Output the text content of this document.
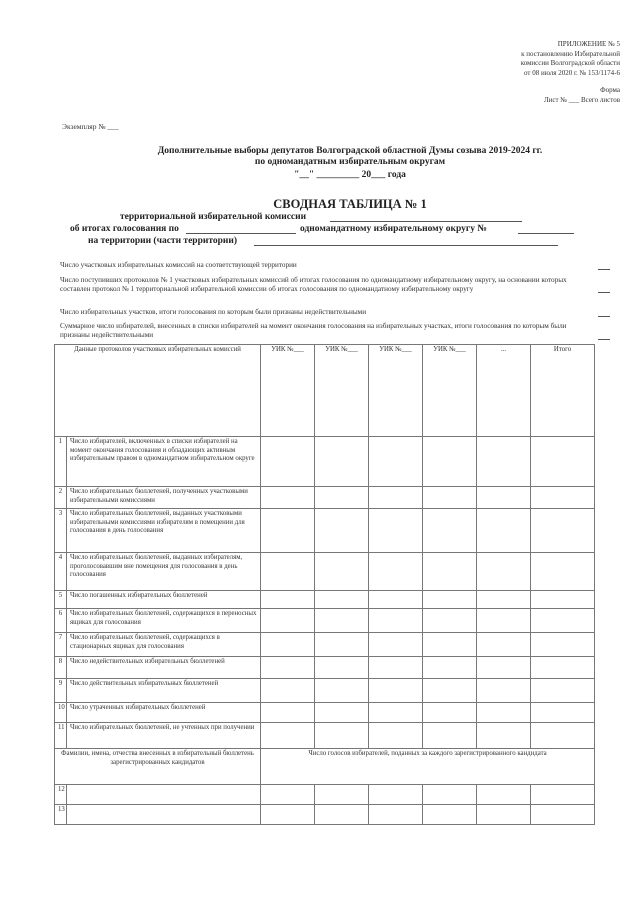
ПРИЛОЖЕНИЕ № 5
к постановлению Избирательной
комиссии Волгоградской области
от 08 июля 2020 г. № 153/1174-6
Форма
Лист № ___ Всего листов
Экземпляр № ___
Дополнительные выборы депутатов Волгоградской областной Думы созыва 2019-2024 гг.
по одномандатным избирательным округам
"__" _________ 20___ года
СВОДНАЯ ТАБЛИЦА № 1
территориальной избирательной комиссии
об итогах голосования по	одномандатному избирательному округу №
на территории (части территории)
Число участковых избирательных комиссий на соответствующей территории
Число поступивших протоколов № 1 участковых избирательных комиссий об итогах голосования по одномандатному избирательному округу, на основании которых составлен протокол № 1 территориальной избирательной комиссии об итогах голосования по одномандатному избирательному округу
Число избирательных участков, итоги голосования по которым были признаны недействительными
Суммарное число избирателей, внесенных в списки избирателей на момент окончания голосования на избирательных участках, итоги голосования по которым были признаны недействительными
Данные протоколов участковых избирательных комиссий		УИК №___	УИК №___	УИК №___	УИК №___	...	Итого
1	Число избирателей, включенных в списки избирателей на момент окончания голосования и обладающих активным избирательным правом в одномандатном избирательном округе						
2	Число избирательных бюллетеней, полученных участковыми избирательными комиссиями						
3	Число избирательных бюллетеней, выданных участковыми избирательными комиссиями избирателям в помещении для голосования в день голосования						
4	Число избирательных бюллетеней, выданных избирателям, проголосовавшим вне помещения для голосования в день голосования						
5	Число погашенных избирательных бюллетеней						
6	Число избирательных бюллетеней, содержащихся в переносных ящиках для голосования						
7	Число избирательных бюллетеней, содержащихся в стационарных ящиках для голосования						
8	Число недействительных избирательных бюллетеней						
9	Число действительных избирательных бюллетеней						
10	Число утраченных избирательных бюллетеней						
11	Число избирательных бюллетеней, не учтенных при получении						
Фамилии, имена, отчества внесенных в избирательный бюллетень зарегистрированных кандидатов		Число голосов избирателей, поданных за каждого зарегистрированного кандидата					
12							
13							
